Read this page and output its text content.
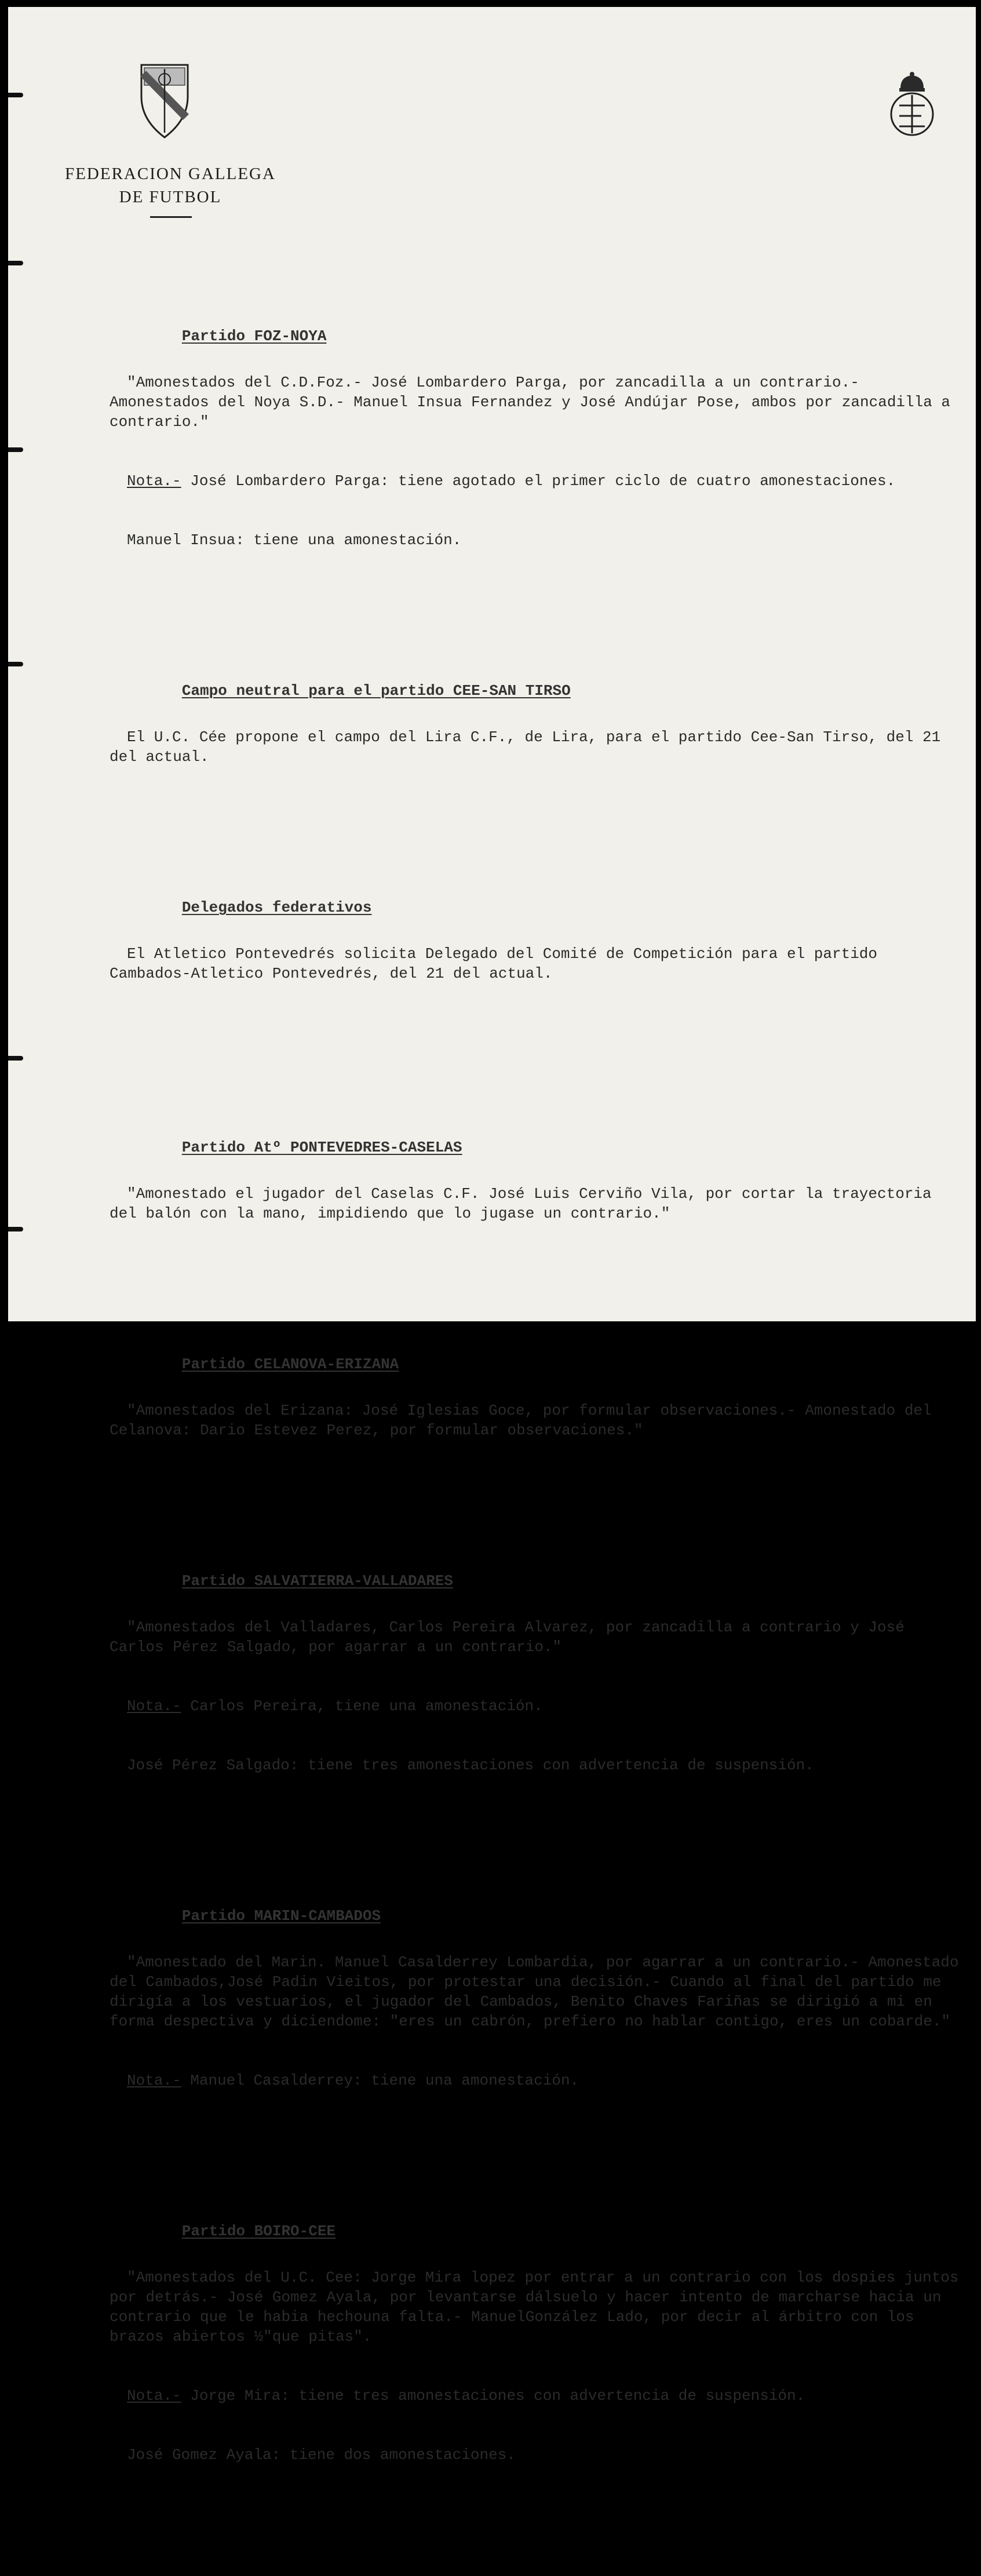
FEDERACION GALLEGA
DE FUTBOL

Partido FOZ-NOYA

"Amonestados del C.D.Foz.- José Lombardero Parga, por zancadilla a un contrario.- Amonestados del Noya S.D.- Manuel Insua Fernandez y José Andújar Pose, ambos por zancadilla a contrario."

Nota.- José Lombardero Parga: tiene agotado el primer ciclo de cuatro amonestaciones.

Manuel Insua: tiene una amonestación.

Campo neutral para el partido CEE-SAN TIRSO

El U.C. Cée propone el campo del Lira C.F., de Lira, para el partido Cee-San Tirso, del 21 del actual.

Delegados federativos

El Atletico Pontevedrés solicita Delegado del Comité de Competición para el partido Cambados-Atletico Pontevedrés, del 21 del actual.

Partido Atº PONTEVEDRES-CASELAS

"Amonestado el jugador del Caselas C.F. José Luis Cerviño Vila, por cortar la trayectoria del balón con la mano, impidiendo que lo jugase un contrario."

Partido CELANOVA-ERIZANA

"Amonestados del Erizana: José Iglesias Goce, por formular observaciones.- Amonestado del Celanova: Dario Estevez Perez, por formular observaciones."

Partido SALVATIERRA-VALLADARES

"Amonestados del Valladares, Carlos Pereira Alvarez, por zancadilla a contrario y José Carlos Pérez Salgado, por agarrar a un contrario."

Nota.- Carlos Pereira, tiene una amonestación.

José Pérez Salgado: tiene tres amonestaciones con advertencia de suspensión.

Partido MARIN-CAMBADOS

"Amonestado del Marin. Manuel Casalderrey Lombardia, por agarrar a un contrario.- Amonestado del Cambados,José Padin Vieitos, por protestar una decisión.- Cuando al final del partido me dirigía a los vestuarios, el jugador del Cambados, Benito Chaves Fariñas se dirigió a mi en forma despectiva y diciendome: "eres un cabrón, prefiero no hablar contigo, eres un cobarde."

Nota.- Manuel Casalderrey: tiene una amonestación.

Partido BOIRO-CEE

"Amonestados del U.C. Cee: Jorge Mira lopez por entrar a un contrario con los dospies juntos por detrás.- José Gomez Ayala, por levantarse dálsuelo y hacer intento de marcharse hacia un contrario que le habia hechouna falta.- ManuelGonzález Lado, por decir al árbitro con los brazos abiertos ½"que pitas".

Nota.- Jorge Mira: tiene tres amonestaciones con advertencia de suspensión.

José Gomez Ayala: tiene dos amonestaciones.
